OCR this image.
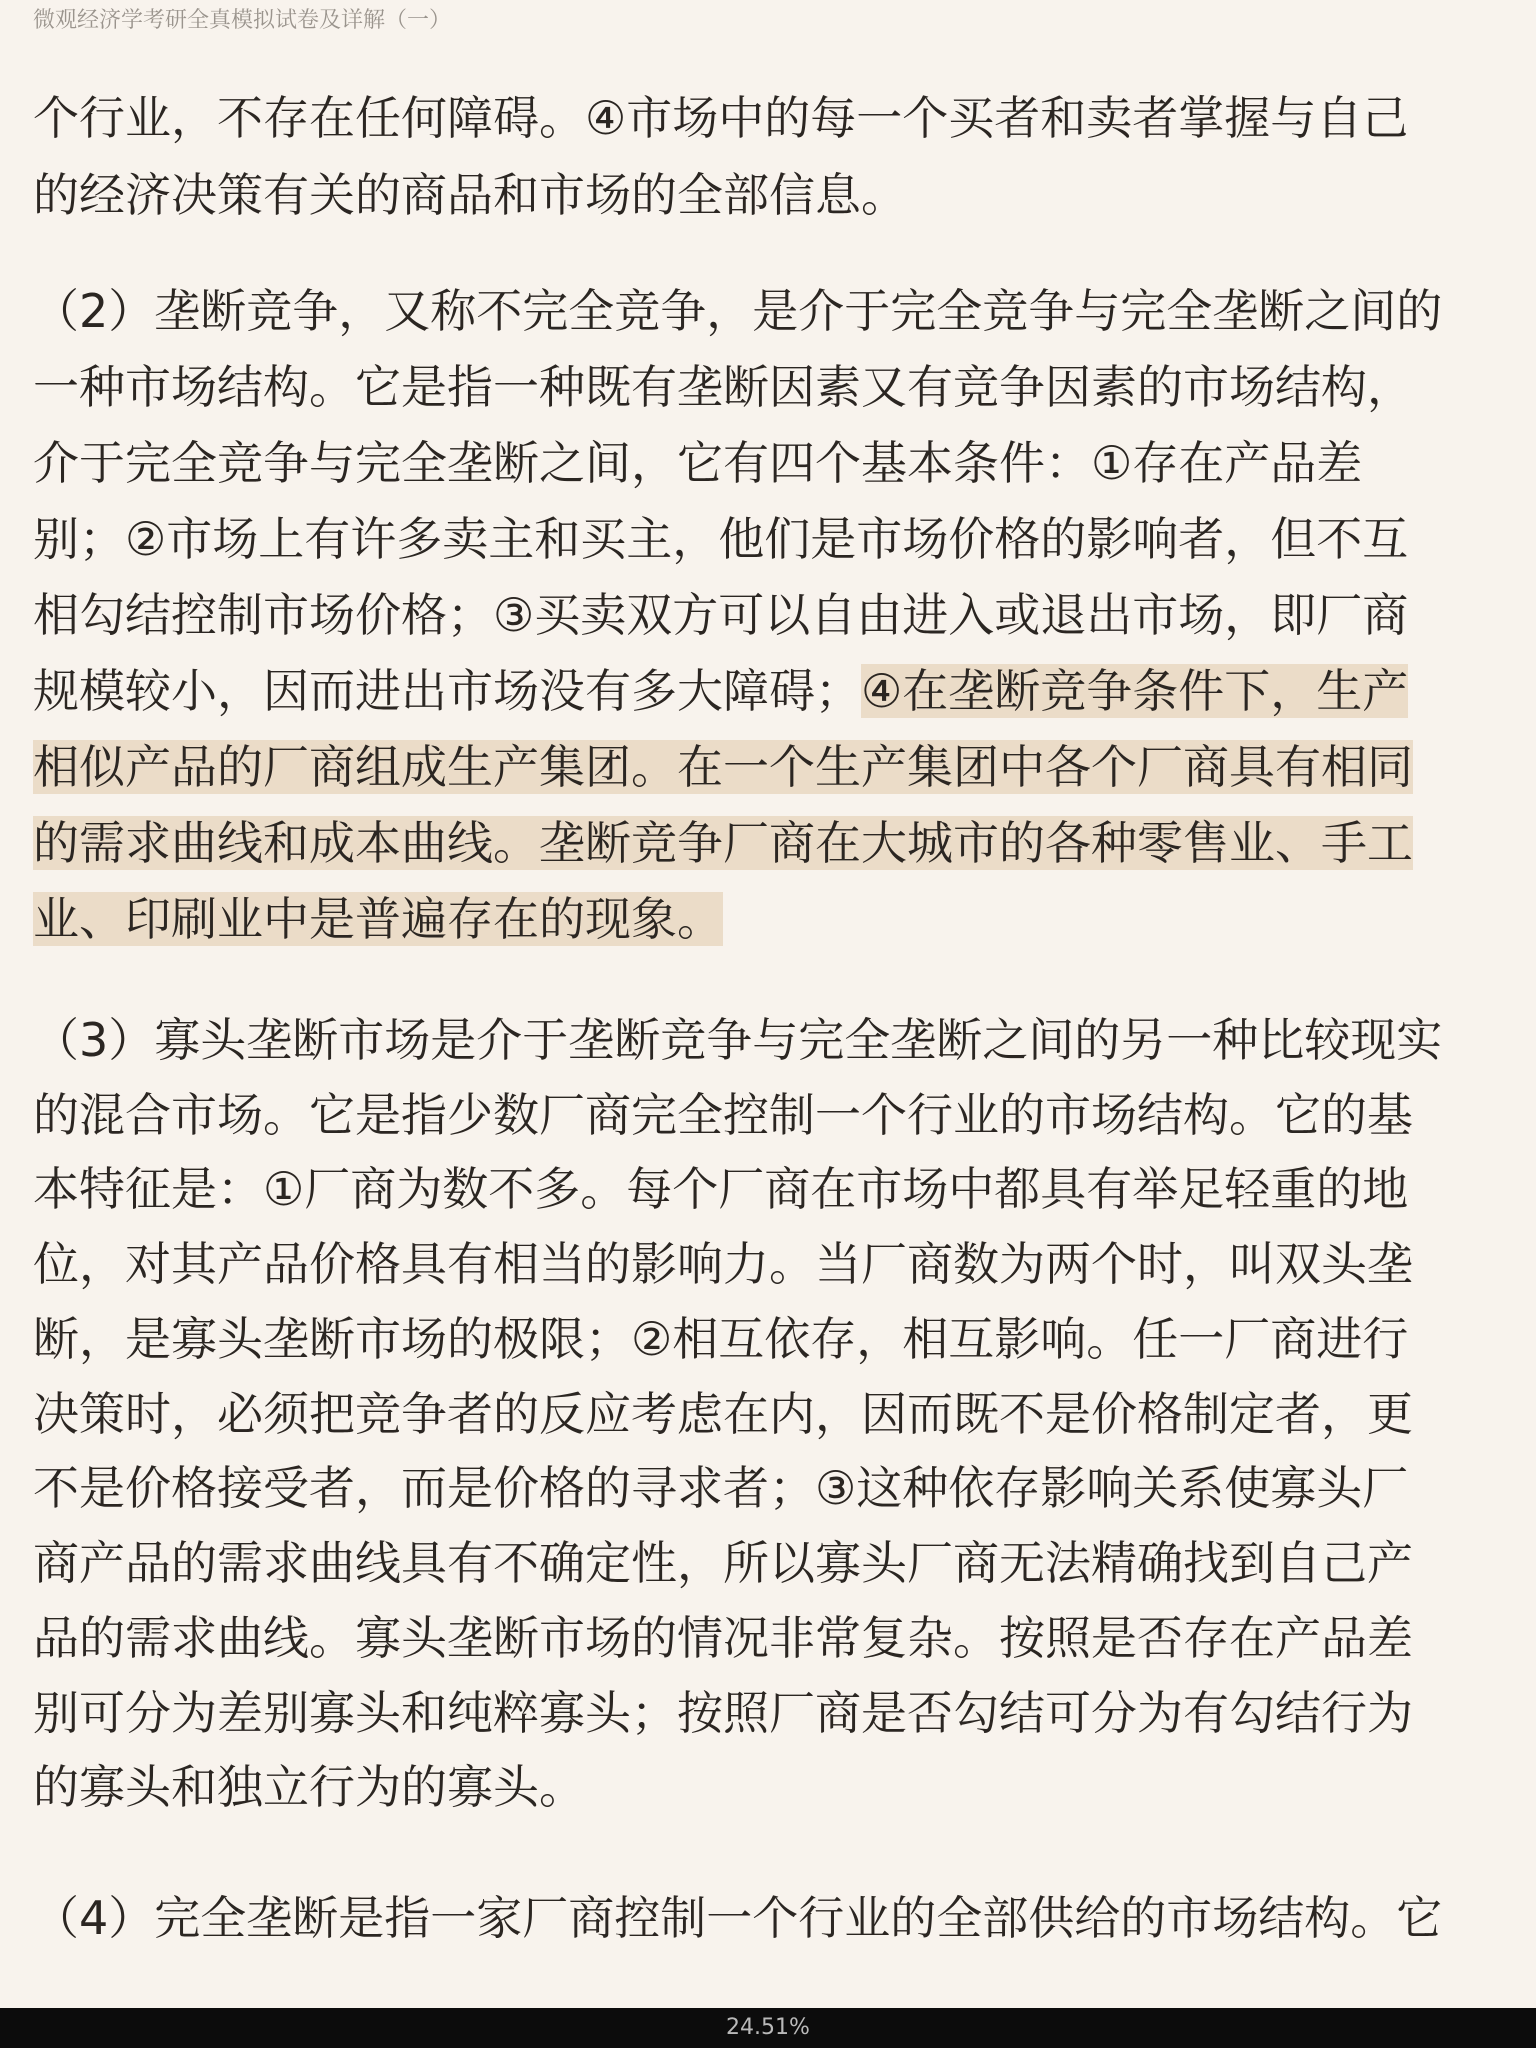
微观经济学考研全真模拟试卷及详解（一）
个行业，不存在任何障碍。④市场中的每一个买者和卖者掌握与自己
的经济决策有关的商品和市场的全部信息。
（2）垄断竞争，又称不完全竞争，是介于完全竞争与完全垄断之间的
一种市场结构。它是指一种既有垄断因素又有竞争因素的市场结构，
介于完全竞争与完全垄断之间，它有四个基本条件：①存在产品差
别；②市场上有许多卖主和买主，他们是市场价格的影响者，但不互
相勾结控制市场价格；③买卖双方可以自由进入或退出市场，即厂商
规模较小，因而进出市场没有多大障碍；④在垄断竞争条件下，生产
相似产品的厂商组成生产集团。在一个生产集团中各个厂商具有相同
的需求曲线和成本曲线。垄断竞争厂商在大城市的各种零售业、手工
业、印刷业中是普遍存在的现象。
（3）寡头垄断市场是介于垄断竞争与完全垄断之间的另一种比较现实
的混合市场。它是指少数厂商完全控制一个行业的市场结构。它的基
本特征是：①厂商为数不多。每个厂商在市场中都具有举足轻重的地
位，对其产品价格具有相当的影响力。当厂商数为两个时，叫双头垄
断，是寡头垄断市场的极限；②相互依存，相互影响。任一厂商进行
决策时，必须把竞争者的反应考虑在内，因而既不是价格制定者，更
不是价格接受者，而是价格的寻求者；③这种依存影响关系使寡头厂
商产品的需求曲线具有不确定性，所以寡头厂商无法精确找到自己产
品的需求曲线。寡头垄断市场的情况非常复杂。按照是否存在产品差
别可分为差别寡头和纯粹寡头；按照厂商是否勾结可分为有勾结行为
的寡头和独立行为的寡头。
（4）完全垄断是指一家厂商控制一个行业的全部供给的市场结构。它
24.51%
